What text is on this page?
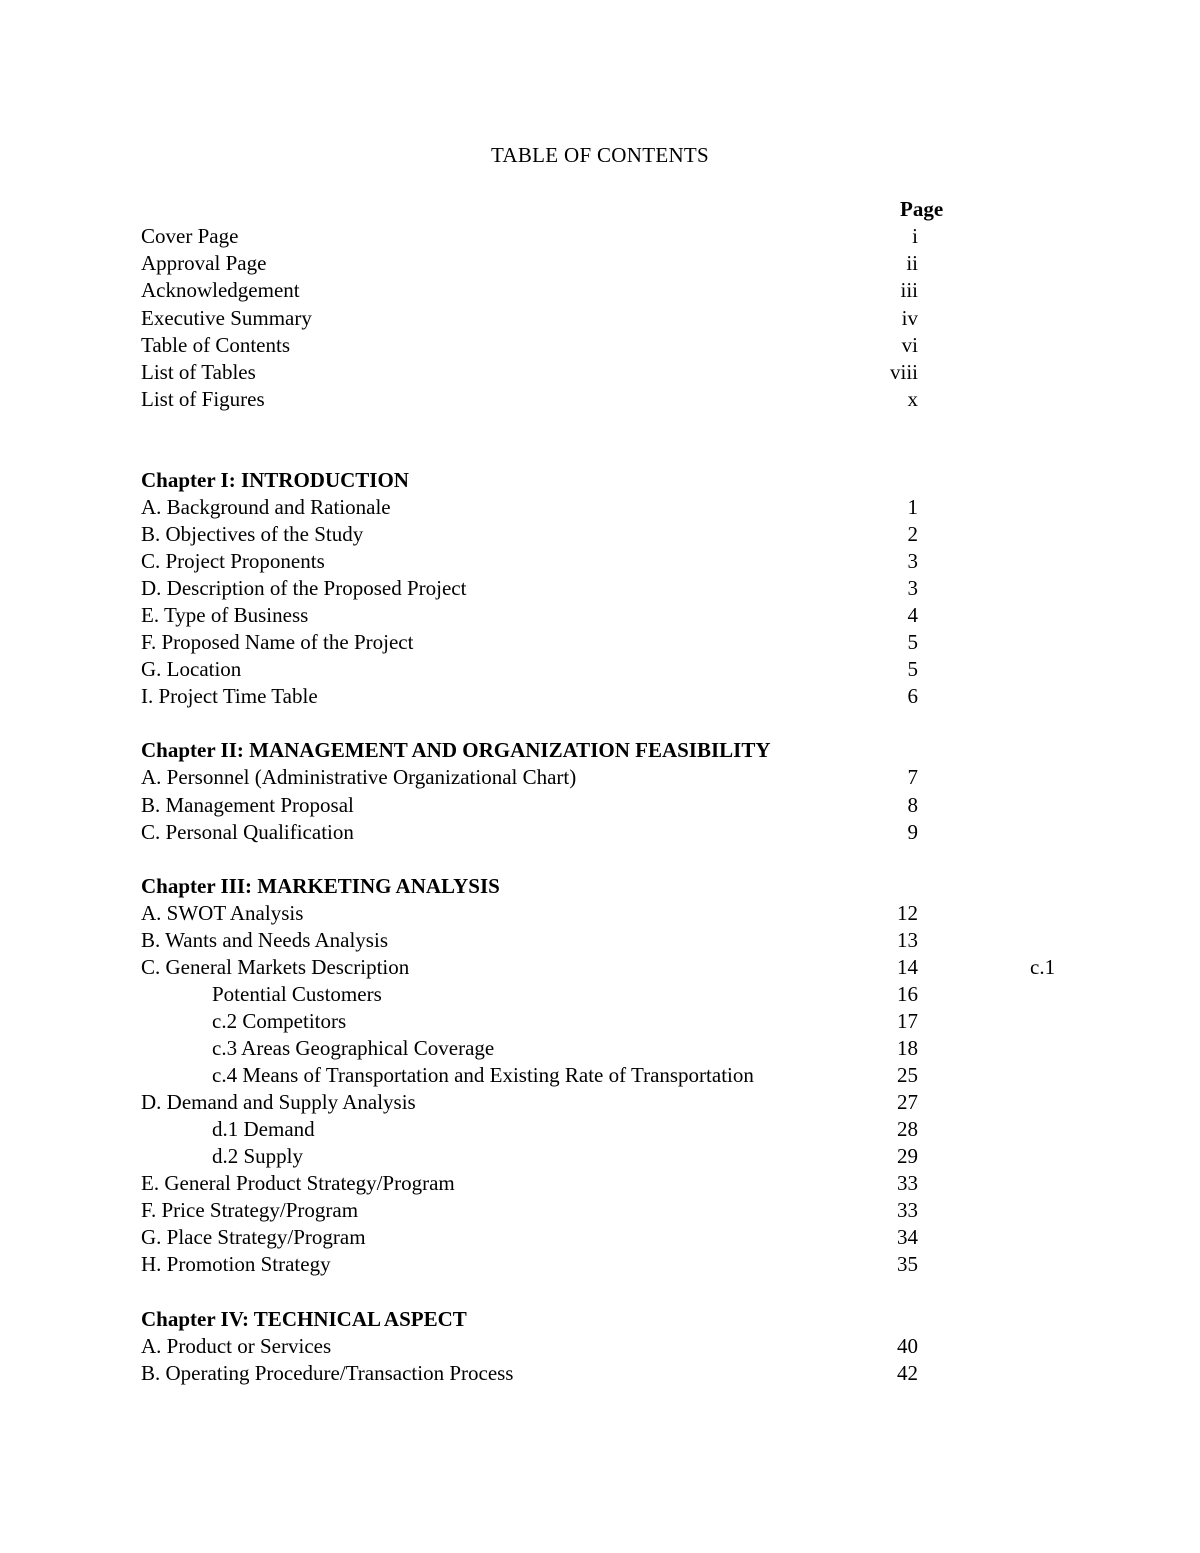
TABLE OF CONTENTS
Page
Cover Page	i
Approval Page	ii
Acknowledgement	iii
Executive Summary	iv
Table of Contents	vi
List of Tables	viii
List of Figures	x
Chapter I: INTRODUCTION
A. Background and Rationale	1
B. Objectives of the Study	2
C. Project Proponents	3
D. Description of the Proposed Project	3
E. Type of Business	4
F. Proposed Name of the Project	5
G. Location	5
I. Project Time Table	6
Chapter II: MANAGEMENT AND ORGANIZATION FEASIBILITY
A. Personnel (Administrative Organizational Chart)	7
B. Management Proposal	8
C. Personal Qualification	9
Chapter III: MARKETING ANALYSIS
A. SWOT Analysis	12
B. Wants and Needs Analysis	13
C. General Markets Description	14	c.1
Potential Customers	16
c.2 Competitors	17
c.3 Areas Geographical Coverage	18
c.4 Means of Transportation and Existing Rate of Transportation	25
D. Demand and Supply Analysis	27
d.1 Demand	28
d.2 Supply	29
E. General Product Strategy/Program	33
F. Price Strategy/Program	33
G. Place Strategy/Program	34
H. Promotion Strategy	35
Chapter IV: TECHNICAL ASPECT
A. Product or Services	40
B. Operating Procedure/Transaction Process	42
